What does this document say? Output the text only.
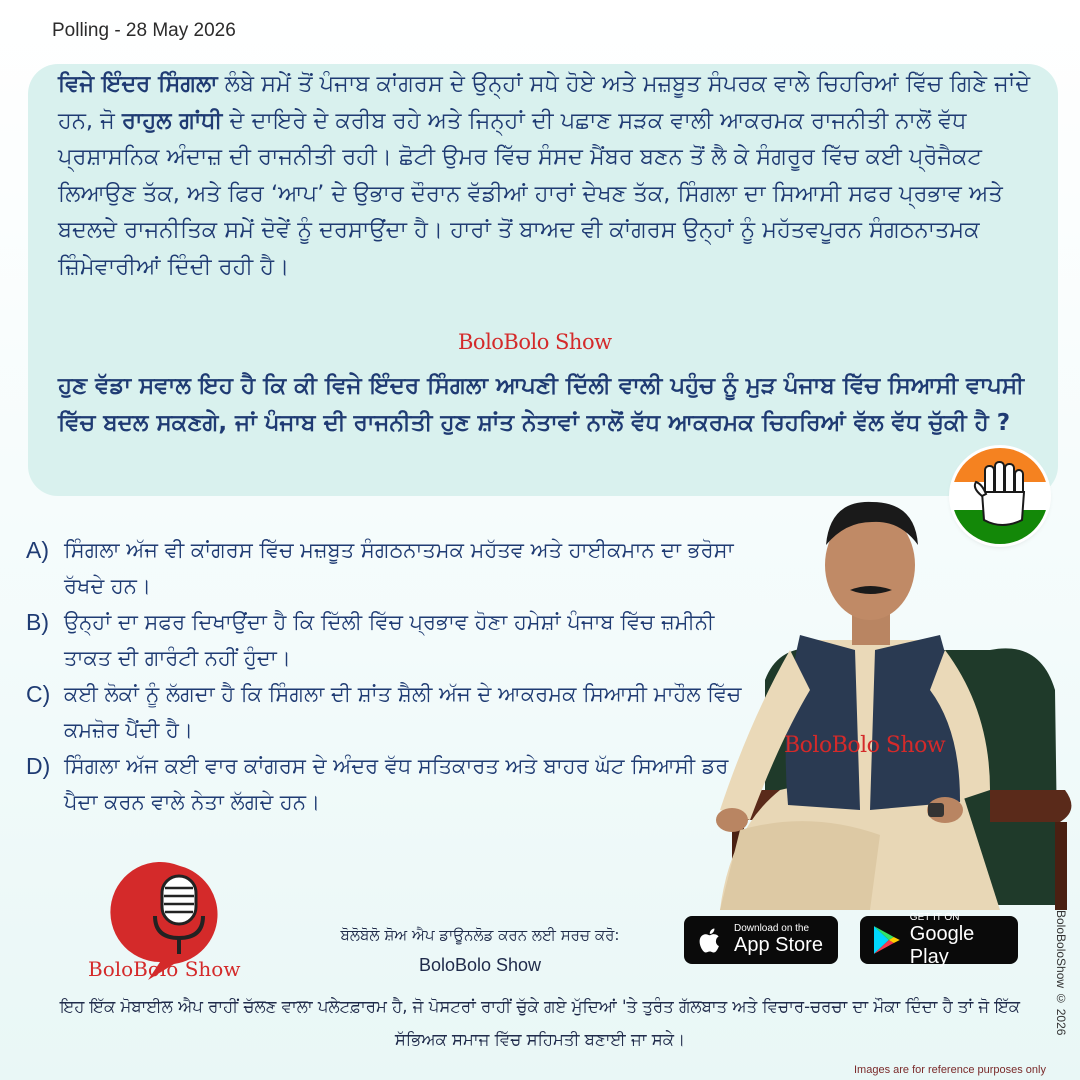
Polling - 28 May 2026
ਵਿਜੇ ਇੰਦਰ ਸਿੰਗਲਾ ਲੰਬੇ ਸਮੇਂ ਤੋਂ ਪੰਜਾਬ ਕਾਂਗਰਸ ਦੇ ਉਨ੍ਹਾਂ ਸਧੇ ਹੋਏ ਅਤੇ ਮਜ਼ਬੂਤ ਸੰਪਰਕ ਵਾਲੇ ਚਿਹਰਿਆਂ ਵਿੱਚ ਗਿਣੇ ਜਾਂਦੇ ਹਨ, ਜੋ ਰਾਹੁਲ ਗਾਂਧੀ ਦੇ ਦਾਇਰੇ ਦੇ ਕਰੀਬ ਰਹੇ ਅਤੇ ਜਿਨ੍ਹਾਂ ਦੀ ਪਛਾਣ ਸੜਕ ਵਾਲੀ ਆਕਰਮਕ ਰਾਜਨੀਤੀ ਨਾਲੋਂ ਵੱਧ ਪ੍ਰਸ਼ਾਸਨਿਕ ਅੰਦਾਜ਼ ਦੀ ਰਾਜਨੀਤੀ ਰਹੀ। ਛੋਟੀ ਉਮਰ ਵਿੱਚ ਸੰਸਦ ਮੈਂਬਰ ਬਣਨ ਤੋਂ ਲੈ ਕੇ ਸੰਗਰੂਰ ਵਿੱਚ ਕਈ ਪ੍ਰੋਜੈਕਟ ਲਿਆਉਣ ਤੱਕ, ਅਤੇ ਫਿਰ ‘ਆਪ’ ਦੇ ਉਭਾਰ ਦੌਰਾਨ ਵੱਡੀਆਂ ਹਾਰਾਂ ਦੇਖਣ ਤੱਕ, ਸਿੰਗਲਾ ਦਾ ਸਿਆਸੀ ਸਫਰ ਪ੍ਰਭਾਵ ਅਤੇ ਬਦਲਦੇ ਰਾਜਨੀਤਿਕ ਸਮੇਂ ਦੋਵੇਂ ਨੂੰ ਦਰਸਾਉਂਦਾ ਹੈ। ਹਾਰਾਂ ਤੋਂ ਬਾਅਦ ਵੀ ਕਾਂਗਰਸ ਉਨ੍ਹਾਂ ਨੂੰ ਮਹੱਤਵਪੂਰਨ ਸੰਗਠਨਾਤਮਕ ਜ਼ਿੰਮੇਵਾਰੀਆਂ ਦਿੰਦੀ ਰਹੀ ਹੈ।
ਹੁਣ ਵੱਡਾ ਸਵਾਲ ਇਹ ਹੈ ਕਿ ਕੀ ਵਿਜੇ ਇੰਦਰ ਸਿੰਗਲਾ ਆਪਣੀ ਦਿੱਲੀ ਵਾਲੀ ਪਹੁੰਚ ਨੂੰ ਮੁੜ ਪੰਜਾਬ ਵਿੱਚ ਸਿਆਸੀ ਵਾਪਸੀ ਵਿੱਚ ਬਦਲ ਸਕਣਗੇ, ਜਾਂ ਪੰਜਾਬ ਦੀ ਰਾਜਨੀਤੀ ਹੁਣ ਸ਼ਾਂਤ ਨੇਤਾਵਾਂ ਨਾਲੋਂ ਵੱਧ ਆਕਰਮਕ ਚਿਹਰਿਆਂ ਵੱਲ ਵੱਧ ਚੁੱਕੀ ਹੈ ?
BoloBolo Show
A) ਸਿੰਗਲਾ ਅੱਜ ਵੀ ਕਾਂਗਰਸ ਵਿੱਚ ਮਜ਼ਬੂਤ ਸੰਗਠਨਾਤਮਕ ਮਹੱਤਵ ਅਤੇ ਹਾਈਕਮਾਨ ਦਾ ਭਰੋਸਾ ਰੱਖਦੇ ਹਨ।
B) ਉਨ੍ਹਾਂ ਦਾ ਸਫਰ ਦਿਖਾਉਂਦਾ ਹੈ ਕਿ ਦਿੱਲੀ ਵਿੱਚ ਪ੍ਰਭਾਵ ਹੋਣਾ ਹਮੇਸ਼ਾਂ ਪੰਜਾਬ ਵਿੱਚ ਜ਼ਮੀਨੀ ਤਾਕਤ ਦੀ ਗਾਰੰਟੀ ਨਹੀਂ ਹੁੰਦਾ।
C) ਕਈ ਲੋਕਾਂ ਨੂੰ ਲੱਗਦਾ ਹੈ ਕਿ ਸਿੰਗਲਾ ਦੀ ਸ਼ਾਂਤ ਸ਼ੈਲੀ ਅੱਜ ਦੇ ਆਕਰਮਕ ਸਿਆਸੀ ਮਾਹੌਲ ਵਿੱਚ ਕਮਜ਼ੋਰ ਪੈਂਦੀ ਹੈ।
D) ਸਿੰਗਲਾ ਅੱਜ ਕਈ ਵਾਰ ਕਾਂਗਰਸ ਦੇ ਅੰਦਰ ਵੱਧ ਸਤਿਕਾਰਤ ਅਤੇ ਬਾਹਰ ਘੱਟ ਸਿਆਸੀ ਡਰ ਪੈਦਾ ਕਰਨ ਵਾਲੇ ਨੇਤਾ ਲੱਗਦੇ ਹਨ।
BoloBolo Show
BoloBolo Show
ਬੋਲੋਬੋਲੋ ਸ਼ੋਅ ਐਪ ਡਾਊਨਲੋਡ ਕਰਨ ਲਈ ਸਰਚ ਕਰੋ:
BoloBolo Show
Download on the
App Store
GET IT ON
Google Play
ਇਹ ਇੱਕ ਮੋਬਾਈਲ ਐਪ ਰਾਹੀਂ ਚੱਲਣ ਵਾਲਾ ਪਲੇਟਫ਼ਾਰਮ ਹੈ, ਜੋ ਪੋਸਟਰਾਂ ਰਾਹੀਂ ਚੁੱਕੇ ਗਏ ਮੁੱਦਿਆਂ 'ਤੇ ਤੁਰੰਤ ਗੱਲਬਾਤ ਅਤੇ ਵਿਚਾਰ-ਚਰਚਾ ਦਾ ਮੌਕਾ ਦਿੰਦਾ ਹੈ ਤਾਂ ਜੋ ਇੱਕ ਸੱਭਿਅਕ ਸਮਾਜ ਵਿੱਚ ਸਹਿਮਤੀ ਬਣਾਈ ਜਾ ਸਕੇ।
BoloBoloShow © 2026
Images are for reference purposes only
